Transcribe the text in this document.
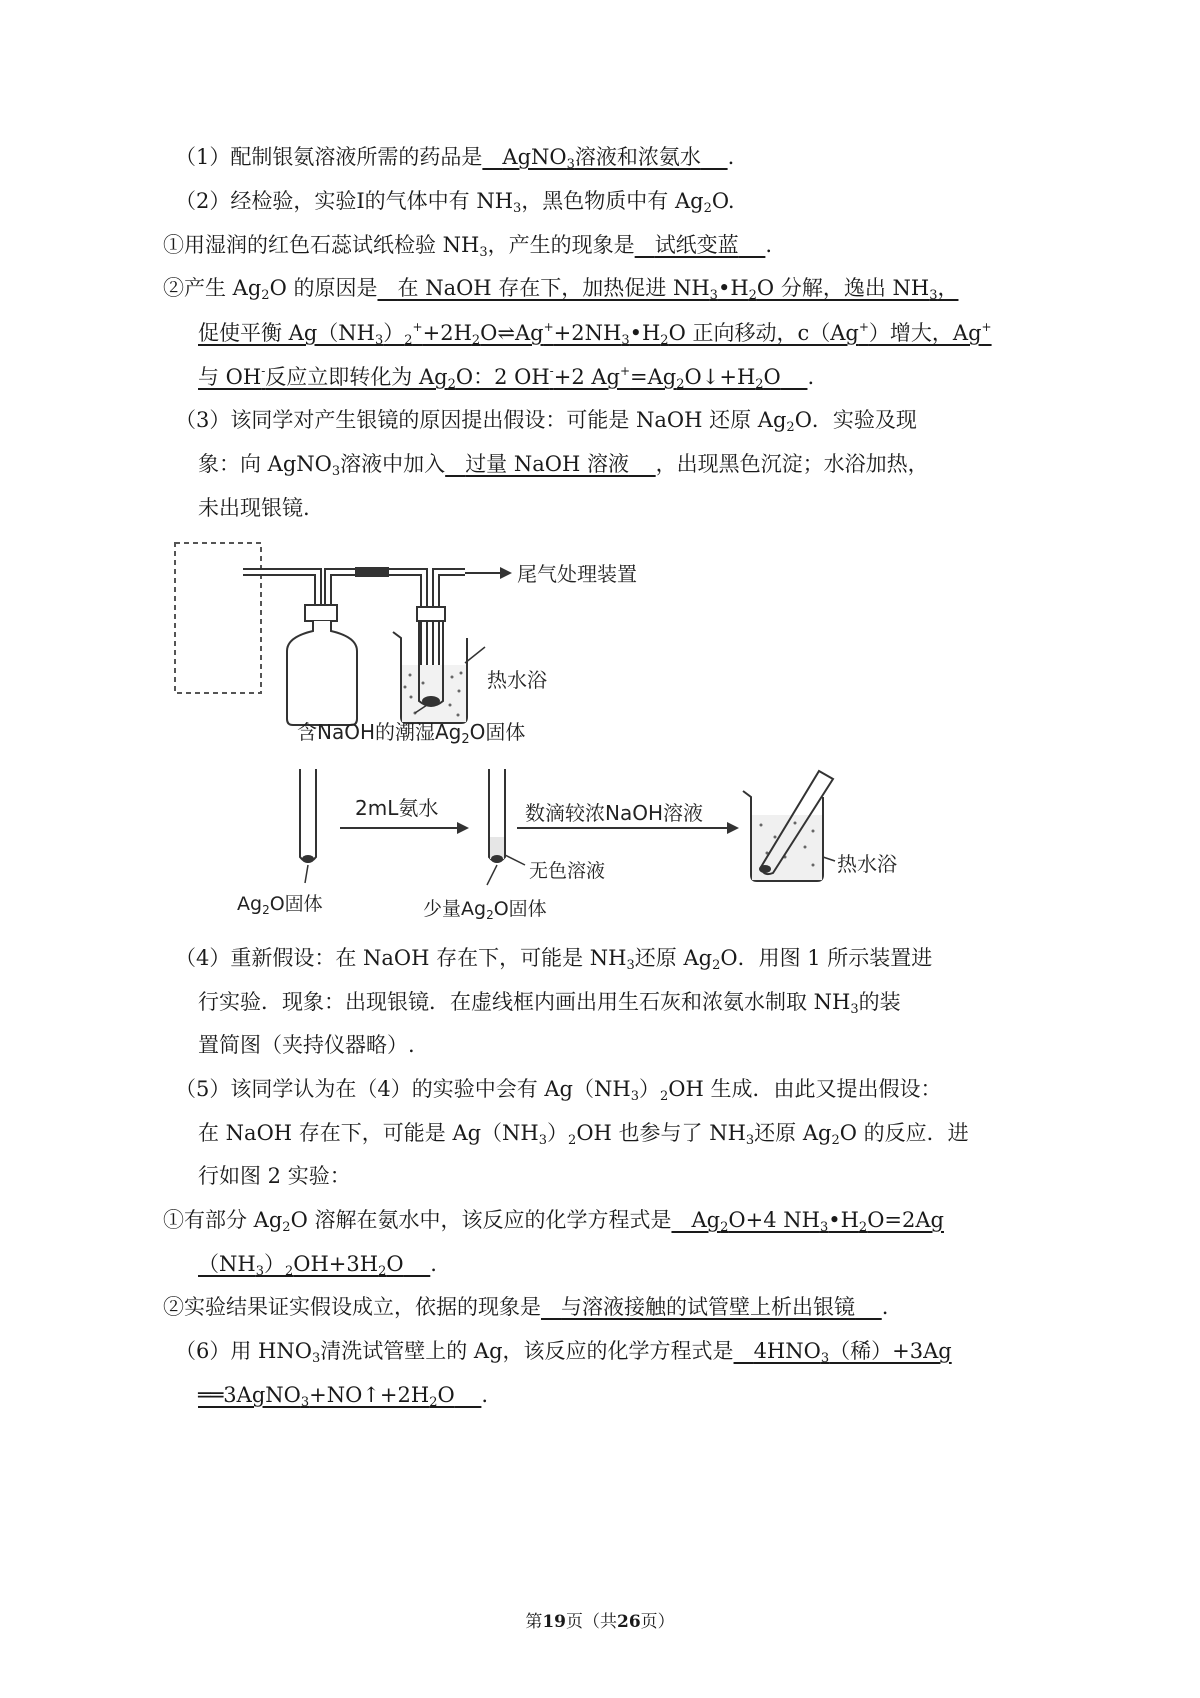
（1）配制银氨溶液所需的药品是 AgNO$_3$溶液和浓氨水 .
（2）经检验，实验Ⅰ的气体中有 $NH_3$，黑色物质中有 $Ag_2O$.
①用湿润的红色石蕊试纸检验 $NH_3$，产生的现象是 试纸变蓝 .
②产生 $Ag_2O$ 的原因是 在 NaOH 存在下，加热促进 $NH_3•H_2O$ 分解，逸出 $NH_3$，
促使平衡 $Ag(NH_3)_2^++2H_2O\rightleftharpoons Ag^++2NH_3•H_2O$ 正向移动，c（Ag+）增大，Ag+
与 OH-反应立即转化为 $Ag_2O$：2 OH-+2 $Ag^+=Ag_2O↓+H_2O$ .
（3）该同学对产生银镜的原因提出假设：可能是 NaOH 还原 $Ag_2O$．实验及现
象：向 AgNO$_3$溶液中加入 过量 NaOH 溶液 ，出现黑色沉淀；水浴加热，
未出现银镜.
尾气处理装置
热水浴
含NaOH的潮湿$Ag_2O$固体
$Ag_2O$固体
2mL氨水
无色溶液
少量$Ag_2O$固体
数滴较浓NaOH溶液
热水浴
（4）重新假设：在 NaOH 存在下，可能是 $NH_3$还原 $Ag_2O$．用图 1 所示装置进
行实验．现象：出现银镜．在虚线框内画出用生石灰和浓氨水制取 $NH_3$的装
置简图（夹持仪器略）.
（5）该同学认为在（4）的实验中会有 $Ag(NH_3)_2OH$ 生成．由此又提出假设：
在 NaOH 存在下，可能是 $Ag(NH_3)_2OH$ 也参与了 $NH_3$还原 $Ag_2O$ 的反应．进
行如图 2 实验：
①有部分 $Ag_2O$ 溶解在氨水中，该反应的化学方程式是 $Ag_2O+4$ $NH_3•H_2O=2Ag$
$(NH_3)_2OH+3H_2O$ .
②实验结果证实假设成立，依据的现象是 与溶液接触的试管壁上析出银镜 .
（6）用 $HNO_3$清洗试管壁上的 Ag，该反应的化学方程式是 $4HNO_3$（稀）+3Ag
$══3AgNO_3+NO↑+2H_2O$ .
第19页（共26页）
